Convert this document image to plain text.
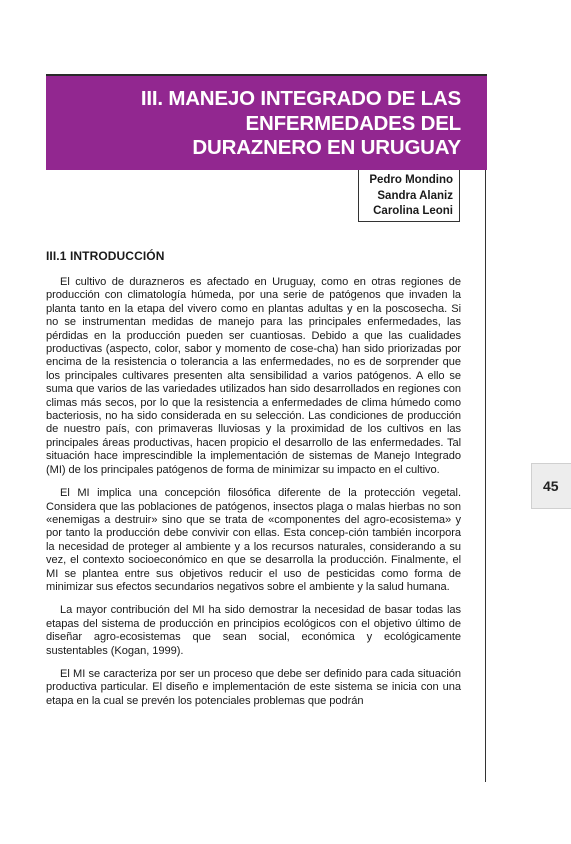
III. MANEJO INTEGRADO DE LAS
ENFERMEDADES DEL
DURAZNERO EN URUGUAY
Pedro Mondino
Sandra Alaniz
Carolina Leoni
III.1 INTRODUCCIÓN

El cultivo de durazneros es afectado en Uruguay, como en otras regiones de producción con climatología húmeda, por una serie de patógenos que invaden la planta tanto en la etapa del vivero como en plantas adultas y en la poscosecha. Si no se instrumentan medidas de manejo para las principales enfermedades, las pérdidas en la producción pueden ser cuantiosas. Debido a que las cualidades productivas (aspecto, color, sabor y momento de cose-cha) han sido priorizadas por encima de la resistencia o tolerancia a las enfermedades, no es de sorprender que los principales cultivares presenten alta sensibilidad a varios patógenos. A ello se suma que varios de las variedades utilizados han sido desarrollados en regiones con climas más secos, por lo que la resistencia a enfermedades de clima húmedo como bacteriosis, no ha sido considerada en su selección. Las condiciones de producción de nuestro país, con primaveras lluviosas y la proximidad de los cultivos en las principales áreas productivas, hacen propicio el desarrollo de las enfermedades. Tal situación hace imprescindible la implementación de sistemas de Manejo Integrado (MI) de los principales patógenos de forma de minimizar su impacto en el cultivo.

El MI implica una concepción filosófica diferente de la protección vegetal. Considera que las poblaciones de patógenos, insectos plaga o malas hierbas no son «enemigas a destruir» sino que se trata de «componentes del agro-ecosistema» y por tanto la producción debe convivir con ellas. Esta concep-ción también incorpora la necesidad de proteger al ambiente y a los recursos naturales, considerando a su vez, el contexto socioeconómico en que se desarrolla la producción. Finalmente, el MI se plantea entre sus objetivos reducir el uso de pesticidas como forma de minimizar sus efectos secundarios negativos sobre el ambiente y la salud humana.

La mayor contribución del MI ha sido demostrar la necesidad de basar todas las etapas del sistema de producción en principios ecológicos con el objetivo último de diseñar agro-ecosistemas que sean social, económica y ecológicamente sustentables (Kogan, 1999).

El MI se caracteriza por ser un proceso que debe ser definido para cada situación productiva particular. El diseño e implementación de este sistema se inicia con una etapa en la cual se prevén los potenciales problemas que podrán

45
